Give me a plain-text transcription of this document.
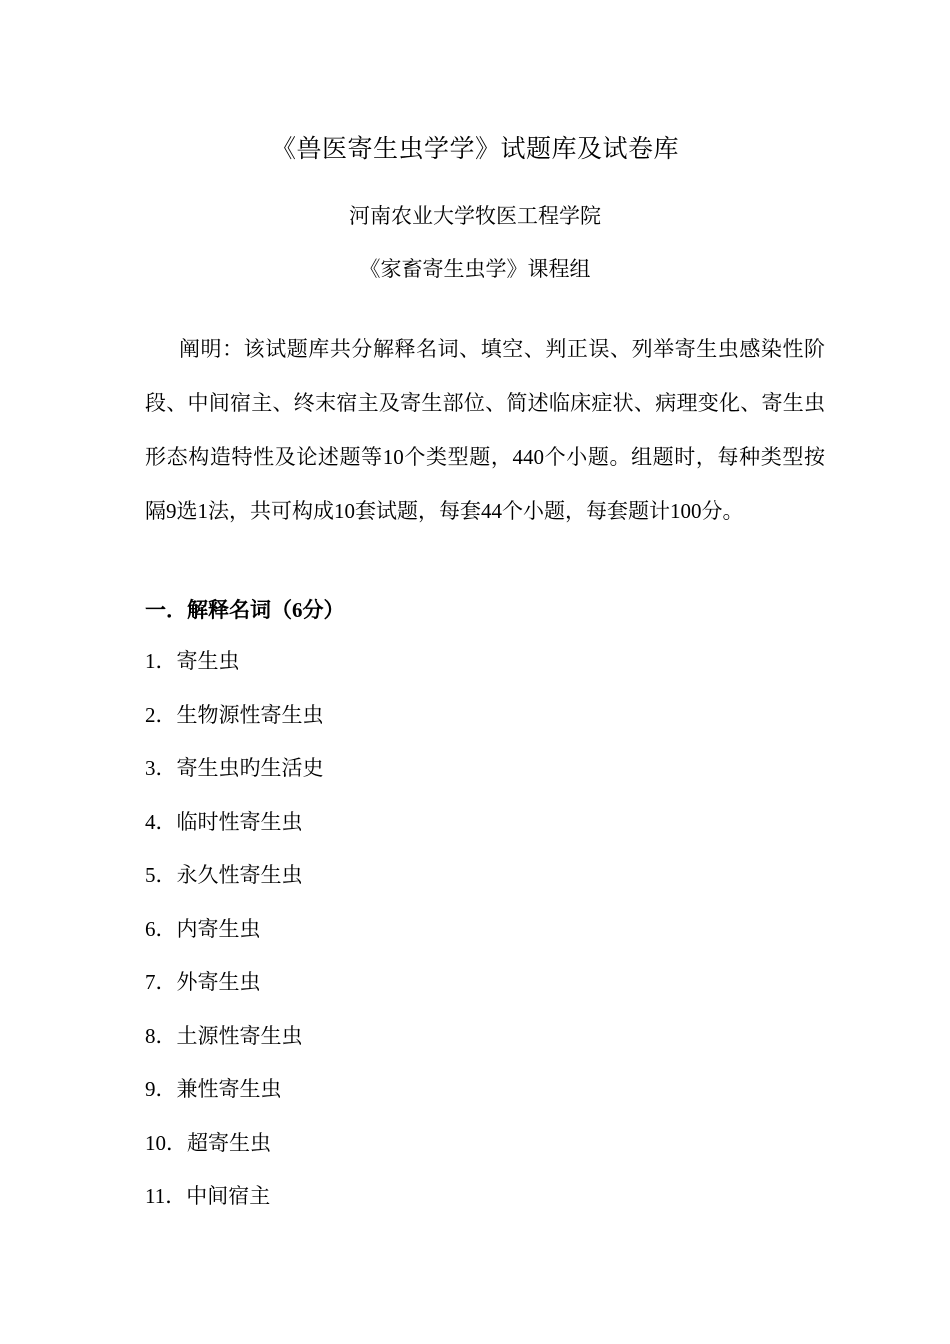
《兽医寄生虫学学》试题库及试卷库
河南农业大学牧医工程学院
《家畜寄生虫学》课程组

阐明：该试题库共分解释名词、填空、判正误、列举寄生虫感染性阶段、中间宿主、终末宿主及寄生部位、简述临床症状、病理变化、寄生虫形态构造特性及论述题等10个类型题，440个小题。组题时，每种类型按隔9选1法，共可构成10套试题，每套44个小题，每套题计100分。

一．解释名词（6分）
1．寄生虫
2．生物源性寄生虫
3．寄生虫旳生活史
4．临时性寄生虫
5．永久性寄生虫
6．内寄生虫
7．外寄生虫
8．土源性寄生虫
9．兼性寄生虫
10．超寄生虫
11．中间宿主
